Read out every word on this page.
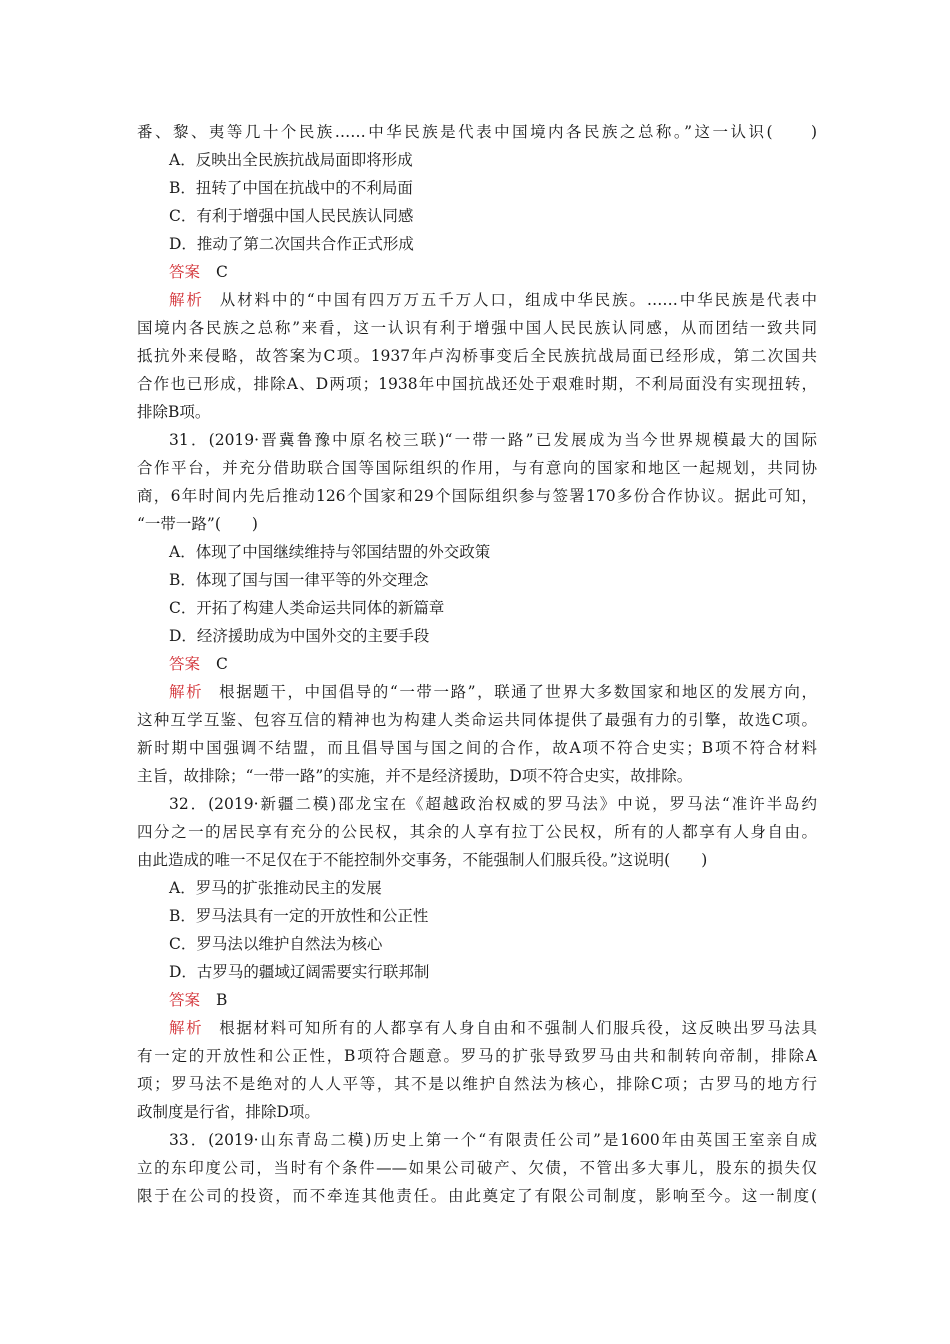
番、黎、夷等几十个民族……中华民族是代表中国境内各民族之总称。”这一认识(　　)
A．反映出全民族抗战局面即将形成
B．扭转了中国在抗战中的不利局面
C．有利于增强中国人民民族认同感
D．推动了第二次国共合作正式形成
答案 C
解析 从材料中的“中国有四万万五千万人口，组成中华民族。……中华民族是代表中
国境内各民族之总称”来看，这一认识有利于增强中国人民民族认同感，从而团结一致共同
抵抗外来侵略，故答案为C项。1937年卢沟桥事变后全民族抗战局面已经形成，第二次国共
合作也已形成，排除A、D两项；1938年中国抗战还处于艰难时期，不利局面没有实现扭转，
排除B项。
31．(2019·晋冀鲁豫中原名校三联)“一带一路”已发展成为当今世界规模最大的国际
合作平台，并充分借助联合国等国际组织的作用，与有意向的国家和地区一起规划，共同协
商，6年时间内先后推动126个国家和29个国际组织参与签署170多份合作协议。据此可知，
“一带一路”(　　)
A．体现了中国继续维持与邻国结盟的外交政策
B．体现了国与国一律平等的外交理念
C．开拓了构建人类命运共同体的新篇章
D．经济援助成为中国外交的主要手段
答案 C
解析 根据题干，中国倡导的“一带一路”，联通了世界大多数国家和地区的发展方向，
这种互学互鉴、包容互信的精神也为构建人类命运共同体提供了最强有力的引擎，故选C项。
新时期中国强调不结盟，而且倡导国与国之间的合作，故A项不符合史实；B项不符合材料
主旨，故排除；“一带一路”的实施，并不是经济援助，D项不符合史实，故排除。
32．(2019·新疆二模)邵龙宝在《超越政治权威的罗马法》中说，罗马法“准许半岛约
四分之一的居民享有充分的公民权，其余的人享有拉丁公民权，所有的人都享有人身自由。
由此造成的唯一不足仅在于不能控制外交事务，不能强制人们服兵役。”这说明(　　)
A．罗马的扩张推动民主的发展
B．罗马法具有一定的开放性和公正性
C．罗马法以维护自然法为核心
D．古罗马的疆域辽阔需要实行联邦制
答案 B
解析 根据材料可知所有的人都享有人身自由和不强制人们服兵役，这反映出罗马法具
有一定的开放性和公正性，B项符合题意。罗马的扩张导致罗马由共和制转向帝制，排除A
项；罗马法不是绝对的人人平等，其不是以维护自然法为核心，排除C项；古罗马的地方行
政制度是行省，排除D项。
33．(2019·山东青岛二模)历史上第一个“有限责任公司”是1600年由英国王室亲自成
立的东印度公司，当时有个条件——如果公司破产、欠债，不管出多大事儿，股东的损失仅
限于在公司的投资，而不牵连其他责任。由此奠定了有限公司制度，影响至今。这一制度(
